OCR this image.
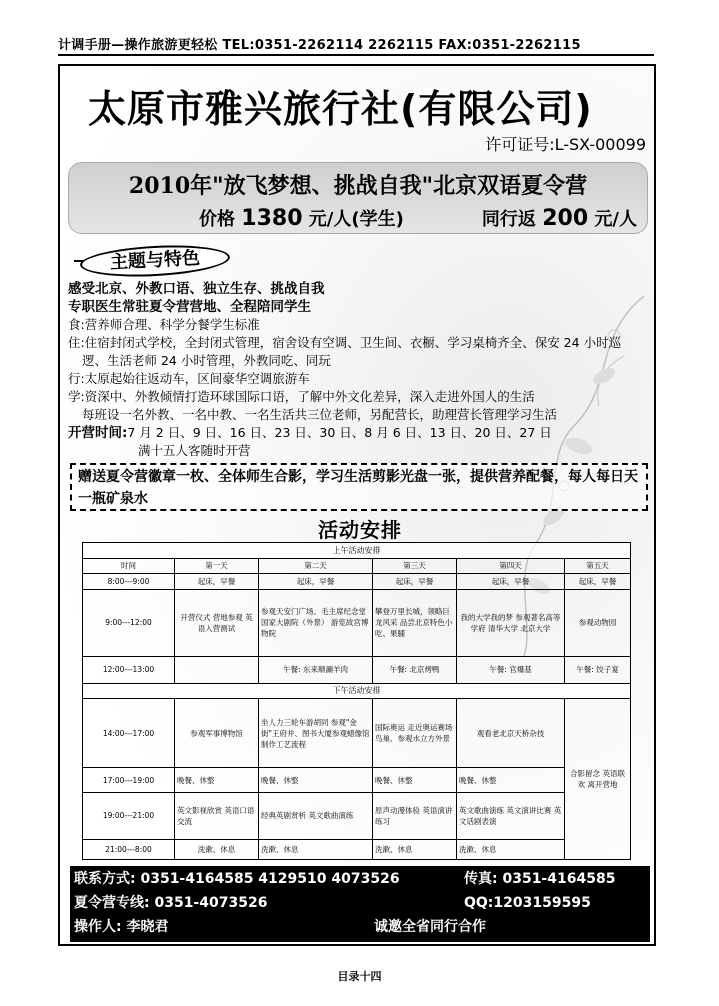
计调手册—操作旅游更轻松 TEL:0351-2262114 2262115 FAX:0351-2262115
太原市雅兴旅行社(有限公司)
许可证号:L-SX-00099
2010年"放飞梦想、挑战自我"北京双语夏令营
价格 1380 元/人(学生)	同行返 200 元/人
主题与特色
感受北京、外教口语、独立生存、挑战自我
专职医生常驻夏令营营地、全程陪同学生
食:营养师合理、科学分餐学生标准
住:住宿封闭式学校，全封闭式管理，宿舍设有空调、卫生间、衣橱、学习桌椅齐全、保安 24 小时巡
逻、生活老师 24 小时管理，外教同吃、同玩
行:太原起始往返动车，区间豪华空调旅游车
学:资深中、外教倾情打造环球国际口语，了解中外文化差异，深入走进外国人的生活
每班设一名外教、一名中教、一名生活共三位老师，另配营长，助理营长管理学习生活
开营时间:7 月 2 日、9 日、16 日、23 日、30 日、8 月 6 日、13 日、20 日、27 日
满十五人客随时开营
赠送夏令营徽章一枚、全体师生合影，学习生活剪影光盘一张，提供营养配餐，每人每日天一瓶矿泉水
活动安排
上午活动安排					
时间	第一天	第二天	第三天	第四天	第五天
8:00---9:00	起床，早餐	起床，早餐	起床，早餐	起床，早餐	起床，早餐
9:00---12:00	开营仪式 营地参观 英语入营测试	参观天安门广场、毛主席纪念堂 国家大剧院（外景） 游览故宫博物院	攀登万里长城，领略巨龙风采 品尝北京特色小吃、果脯	我的大学我的梦 参观著名高等学府 清华大学 北京大学	参观动物园
12:00---13:00		午餐: 东来顺涮羊肉	午餐: 北京烤鸭	午餐: 官爆基	午餐: 饺子宴
下午活动安排					
14:00---17:00	参观军事博物馆	坐人力三轮车游胡同 参观"金街"王府井、图书大厦参观蜡像馆 制作工艺流程	国际奥运 走近奥运赛场 鸟巢、参观水立方外景	观看老北京天桥杂技	合影留念 英语联欢 离开营地
17:00---19:00	晚餐、休整	晚餐、休整	晚餐、休整	晚餐、休整	
19:00---21:00	英文影视欣赏 英语口语交流	经典英剧赏析 英文歌曲演练	原声动漫体验 英语演讲练习	英文歌曲演练 英文演讲比赛 英文话剧表演	
21:00---8:00	洗漱、休息	洗漱、休息	洗漱、休息	洗漱、休息	
联系方式: 0351-4164585 4129510 4073526	传真: 0351-4164585
夏令营专线: 0351-4073526	QQ:1203159595
操作人: 李晓君	诚邀全省同行合作
目录十四
